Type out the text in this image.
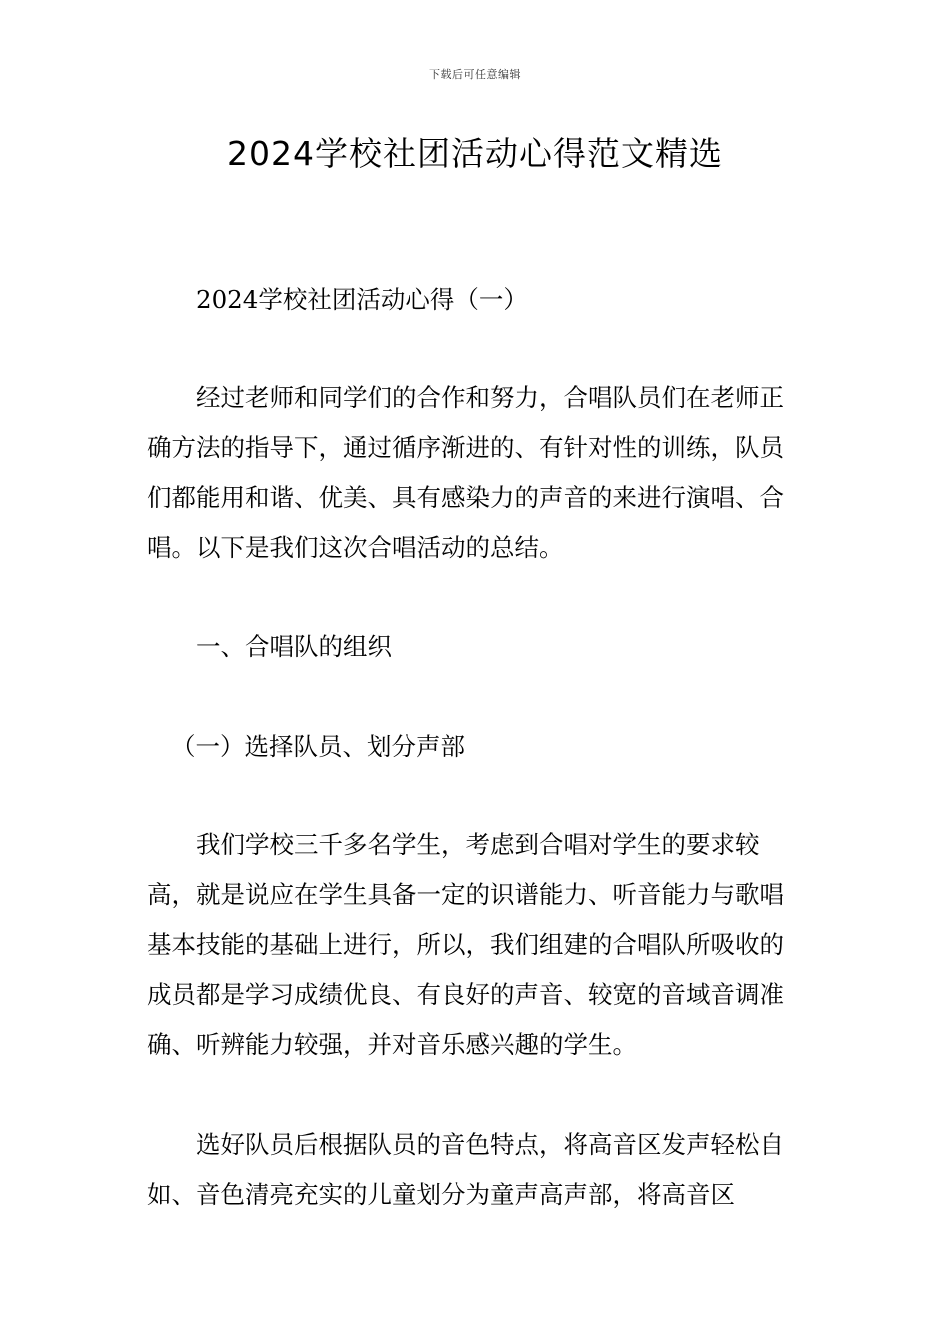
下载后可任意编辑
2024学校社团活动心得范文精选

2024学校社团活动心得（一）

经过老师和同学们的合作和努力，合唱队员们在老师正确方法的指导下，通过循序渐进的、有针对性的训练，队员们都能用和谐、优美、具有感染力的声音的来进行演唱、合唱。以下是我们这次合唱活动的总结。

一、合唱队的组织

（一）选择队员、划分声部

我们学校三千多名学生，考虑到合唱对学生的要求较高，就是说应在学生具备一定的识谱能力、听音能力与歌唱基本技能的基础上进行，所以，我们组建的合唱队所吸收的成员都是学习成绩优良、有良好的声音、较宽的音域音调准确、听辨能力较强，并对音乐感兴趣的学生。

选好队员后根据队员的音色特点，将高音区发声轻松自如、音色清亮充实的儿童划分为童声高声部，将高音区
